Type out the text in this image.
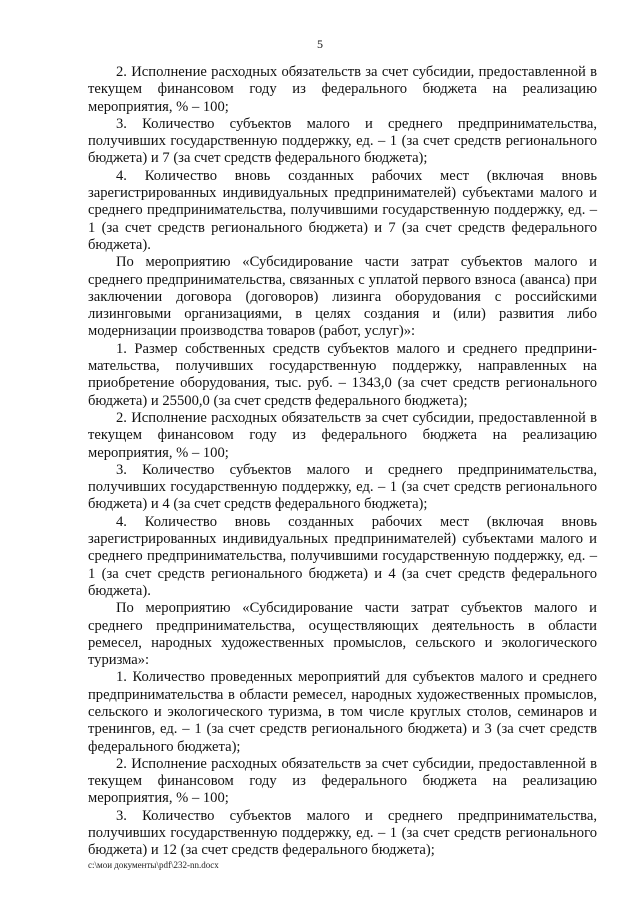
5

2. Исполнение расходных обязательств за счет субсидии, предоставленной в текущем финансовом году из федерального бюджета на реализацию мероприятия, % – 100;

3. Количество субъектов малого и среднего предпринимательства, получивших государственную поддержку, ед. – 1 (за счет средств регионального бюджета) и 7 (за счет средств федерального бюджета);

4. Количество вновь созданных рабочих мест (включая вновь зарегистрированных индивидуальных предпринимателей) субъектами малого и среднего предпринимательства, получившими государственную поддержку, ед. – 1 (за счет средств регионального бюджета) и 7 (за счет средств федерального бюджета).

По мероприятию «Субсидирование части затрат субъектов малого и среднего предпринимательства, связанных с уплатой первого взноса (аванса) при заключении договора (договоров) лизинга оборудования с российскими лизинговыми организациями, в целях создания и (или) развития либо модернизации производства товаров (работ, услуг)»:

1. Размер собственных средств субъектов малого и среднего предприни-мательства, получивших государственную поддержку, направленных на приобретение оборудования, тыс. руб. – 1343,0 (за счет средств регионального бюджета) и 25500,0 (за счет средств федерального бюджета);

2. Исполнение расходных обязательств за счет субсидии, предоставленной в текущем финансовом году из федерального бюджета на реализацию мероприятия, % – 100;

3. Количество субъектов малого и среднего предпринимательства, получивших государственную поддержку, ед. – 1 (за счет средств регионального бюджета) и 4 (за счет средств федерального бюджета);

4. Количество вновь созданных рабочих мест (включая вновь зарегистрированных индивидуальных предпринимателей) субъектами малого и среднего предпринимательства, получившими государственную поддержку, ед. – 1 (за счет средств регионального бюджета) и 4 (за счет средств федерального бюджета).

По мероприятию «Субсидирование части затрат субъектов малого и среднего предпринимательства, осуществляющих деятельность в области ремесел, народных художественных промыслов, сельского и экологического туризма»:

1. Количество проведенных мероприятий для субъектов малого и среднего предпринимательства в области ремесел, народных художественных промыслов, сельского и экологического туризма, в том числе круглых столов, семинаров и тренингов, ед. – 1 (за счет средств регионального бюджета) и 3 (за счет средств федерального бюджета);

2. Исполнение расходных обязательств за счет субсидии, предоставленной в текущем финансовом году из федерального бюджета на реализацию мероприятия, % – 100;

3. Количество субъектов малого и среднего предпринимательства, получивших государственную поддержку, ед. – 1 (за счет средств регионального бюджета) и 12 (за счет средств федерального бюджета);

c:\мои документы\pdf\232-nn.docx
